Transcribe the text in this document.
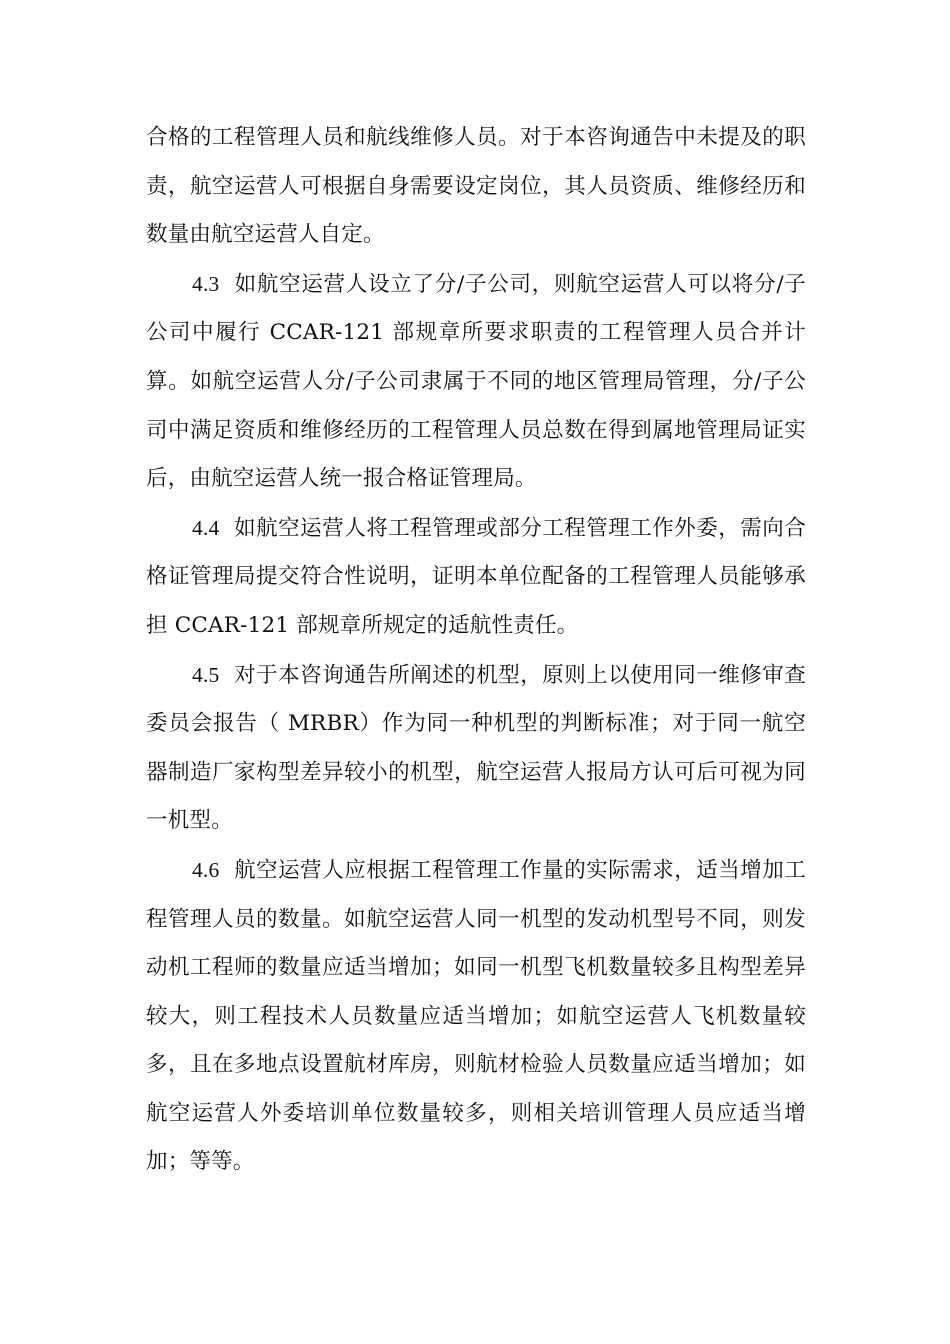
合格的工程管理人员和航线维修人员。对于本咨询通告中未提及的职责，航空运营人可根据自身需要设定岗位，其人员资质、维修经历和数量由航空运营人自定。

4.3 如航空运营人设立了分/子公司，则航空运营人可以将分/子公司中履行 CCAR-121 部规章所要求职责的工程管理人员合并计算。如航空运营人分/子公司隶属于不同的地区管理局管理，分/子公司中满足资质和维修经历的工程管理人员总数在得到属地管理局证实后，由航空运营人统一报合格证管理局。

4.4 如航空运营人将工程管理或部分工程管理工作外委，需向合格证管理局提交符合性说明，证明本单位配备的工程管理人员能够承担 CCAR-121 部规章所规定的适航性责任。

4.5 对于本咨询通告所阐述的机型，原则上以使用同一维修审查委员会报告（ MRBR）作为同一种机型的判断标准；对于同一航空器制造厂家构型差异较小的机型，航空运营人报局方认可后可视为同一机型。

4.6 航空运营人应根据工程管理工作量的实际需求，适当增加工程管理人员的数量。如航空运营人同一机型的发动机型号不同，则发动机工程师的数量应适当增加；如同一机型飞机数量较多且构型差异较大，则工程技术人员数量应适当增加；如航空运营人飞机数量较多，且在多地点设置航材库房，则航材检验人员数量应适当增加；如航空运营人外委培训单位数量较多，则相关培训管理人员应适当增加；等等。
